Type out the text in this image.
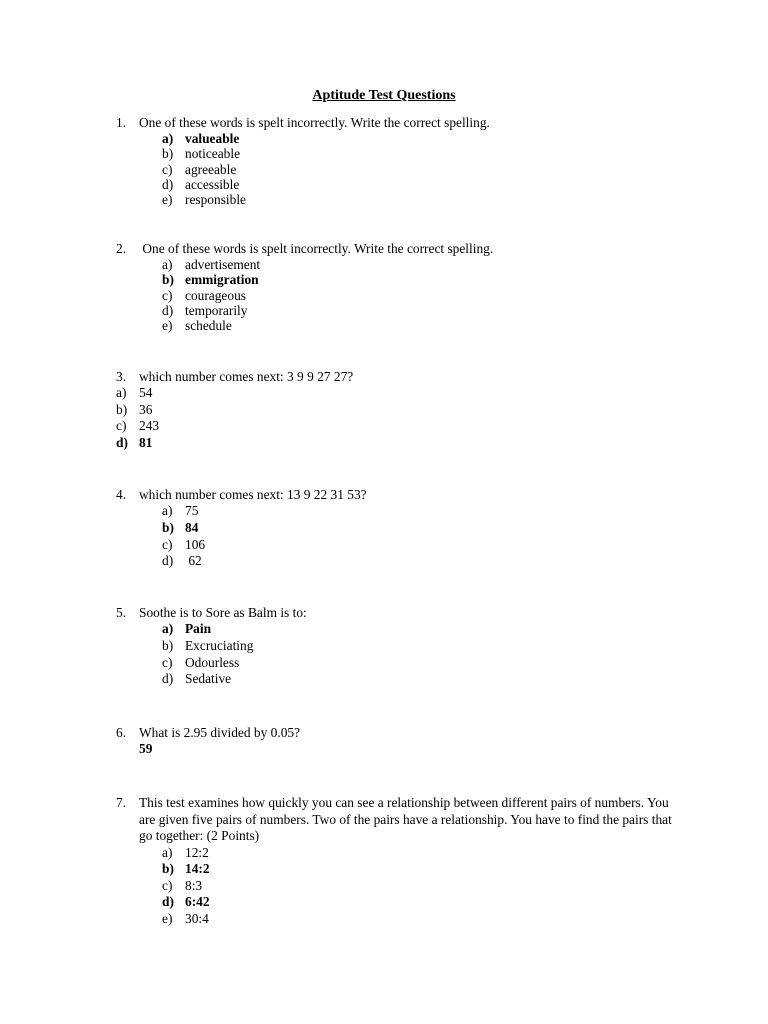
Aptitude Test Questions
1. One of these words is spelt incorrectly. Write the correct spelling.
a) valueable
b) noticeable
c) agreeable
d) accessible
e) responsible
2. One of these words is spelt incorrectly. Write the correct spelling.
a) advertisement
b) emmigration
c) courageous
d) temporarily
e) schedule
3. which number comes next: 3 9 9 27 27?
a) 54
b) 36
c) 243
d) 81
4. which number comes next: 13 9 22 31 53?
a) 75
b) 84
c) 106
d) 62
5. Soothe is to Sore as Balm is to:
a) Pain
b) Excruciating
c) Odourless
d) Sedative
6. What is 2.95 divided by 0.05?
59
7. This test examines how quickly you can see a relationship between different pairs of numbers. You are given five pairs of numbers. Two of the pairs have a relationship. You have to find the pairs that go together: (2 Points)
a) 12:2
b) 14:2
c) 8:3
d) 6:42
e) 30:4
